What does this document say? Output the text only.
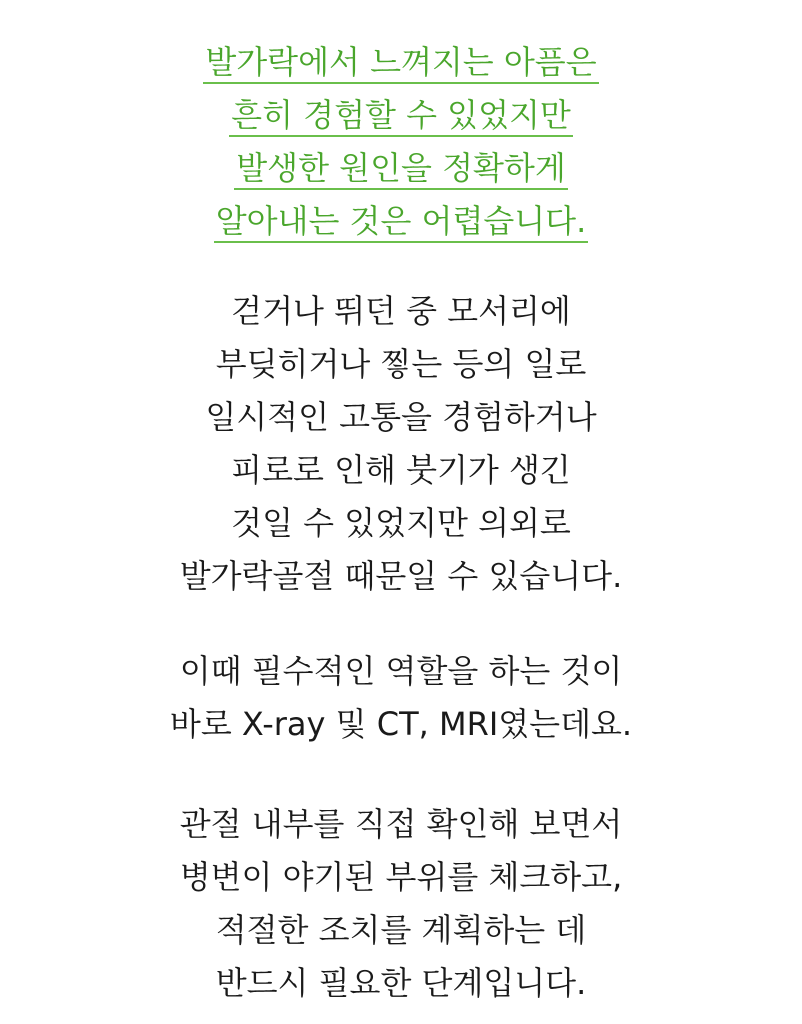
발가락에서 느껴지는 아픔은
흔히 경험할 수 있었지만
발생한 원인을 정확하게
알아내는 것은 어렵습니다.
걷거나 뛰던 중 모서리에
부딪히거나 찧는 등의 일로
일시적인 고통을 경험하거나
피로로 인해 붓기가 생긴
것일 수 있었지만 의외로
발가락골절 때문일 수 있습니다.
이때 필수적인 역할을 하는 것이
바로 X-ray 및 CT, MRI였는데요.
관절 내부를 직접 확인해 보면서
병변이 야기된 부위를 체크하고,
적절한 조치를 계획하는 데
반드시 필요한 단계입니다.
